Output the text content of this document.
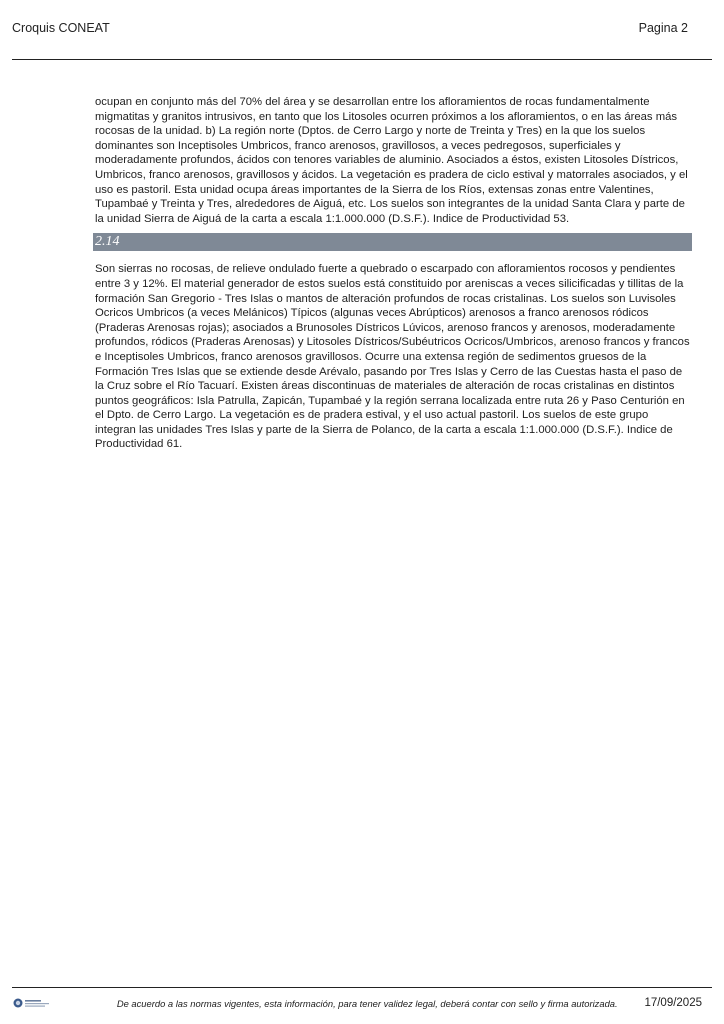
Croquis CONEAT	Pagina 2

ocupan en conjunto más del 70% del área y se desarrollan entre los afloramientos de rocas fundamentalmente migmatitas y granitos intrusivos, en tanto que los Litosoles ocurren próximos a los afloramientos, o en las áreas más rocosas de la unidad. b) La región norte (Dptos. de Cerro Largo y norte de Treinta y Tres) en la que los suelos dominantes son Inceptisoles Umbricos, franco arenosos, gravillosos, a veces pedregosos, superficiales y moderadamente profundos, ácidos con tenores variables de aluminio. Asociados a éstos, existen Litosoles Dístricos, Umbricos, franco arenosos, gravillosos y ácidos. La vegetación es pradera de ciclo estival y matorrales asociados, y el uso es pastoril. Esta unidad ocupa áreas importantes de la Sierra de los Ríos, extensas zonas entre Valentines, Tupambaé y Treinta y Tres, alrededores de Aiguá, etc. Los suelos son integrantes de la unidad Santa Clara y parte de la unidad Sierra de Aiguá de la carta a escala 1:1.000.000 (D.S.F.). Indice de Productividad 53.

2.14

Son sierras no rocosas, de relieve ondulado fuerte a quebrado o escarpado con afloramientos rocosos y pendientes entre 3 y 12%. El material generador de estos suelos está constituido por areniscas a veces silicificadas y tillitas de la formación San Gregorio - Tres Islas o mantos de alteración profundos de rocas cristalinas. Los suelos son Luvisoles Ocricos Umbricos (a veces Melánicos) Típicos (algunas veces Abrúpticos) arenosos a franco arenosos ródicos (Praderas Arenosas rojas); asociados a Brunosoles Dístricos Lúvicos, arenoso francos y arenosos, moderadamente profundos, ródicos (Praderas Arenosas) y Litosoles Dístricos/Subéutricos Ocricos/Umbricos, arenoso francos y francos e Inceptisoles Umbricos, franco arenosos gravillosos. Ocurre una extensa región de sedimentos gruesos de la Formación Tres Islas que se extiende desde Arévalo, pasando por Tres Islas y Cerro de las Cuestas hasta el paso de la Cruz sobre el Río Tacuarí. Existen áreas discontinuas de materiales de alteración de rocas cristalinas en distintos puntos geográficos: Isla Patrulla, Zapicán, Tupambaé y la región serrana localizada entre ruta 26 y Paso Centurión en el Dpto. de Cerro Largo. La vegetación es de pradera estival, y el uso actual pastoril. Los suelos de este grupo integran las unidades Tres Islas y parte de la Sierra de Polanco, de la carta a escala 1:1.000.000 (D.S.F.). Indice de Productividad 61.

De acuerdo a las normas vigentes, esta información, para tener validez legal, deberá contar con sello y firma autorizada.	17/09/2025
